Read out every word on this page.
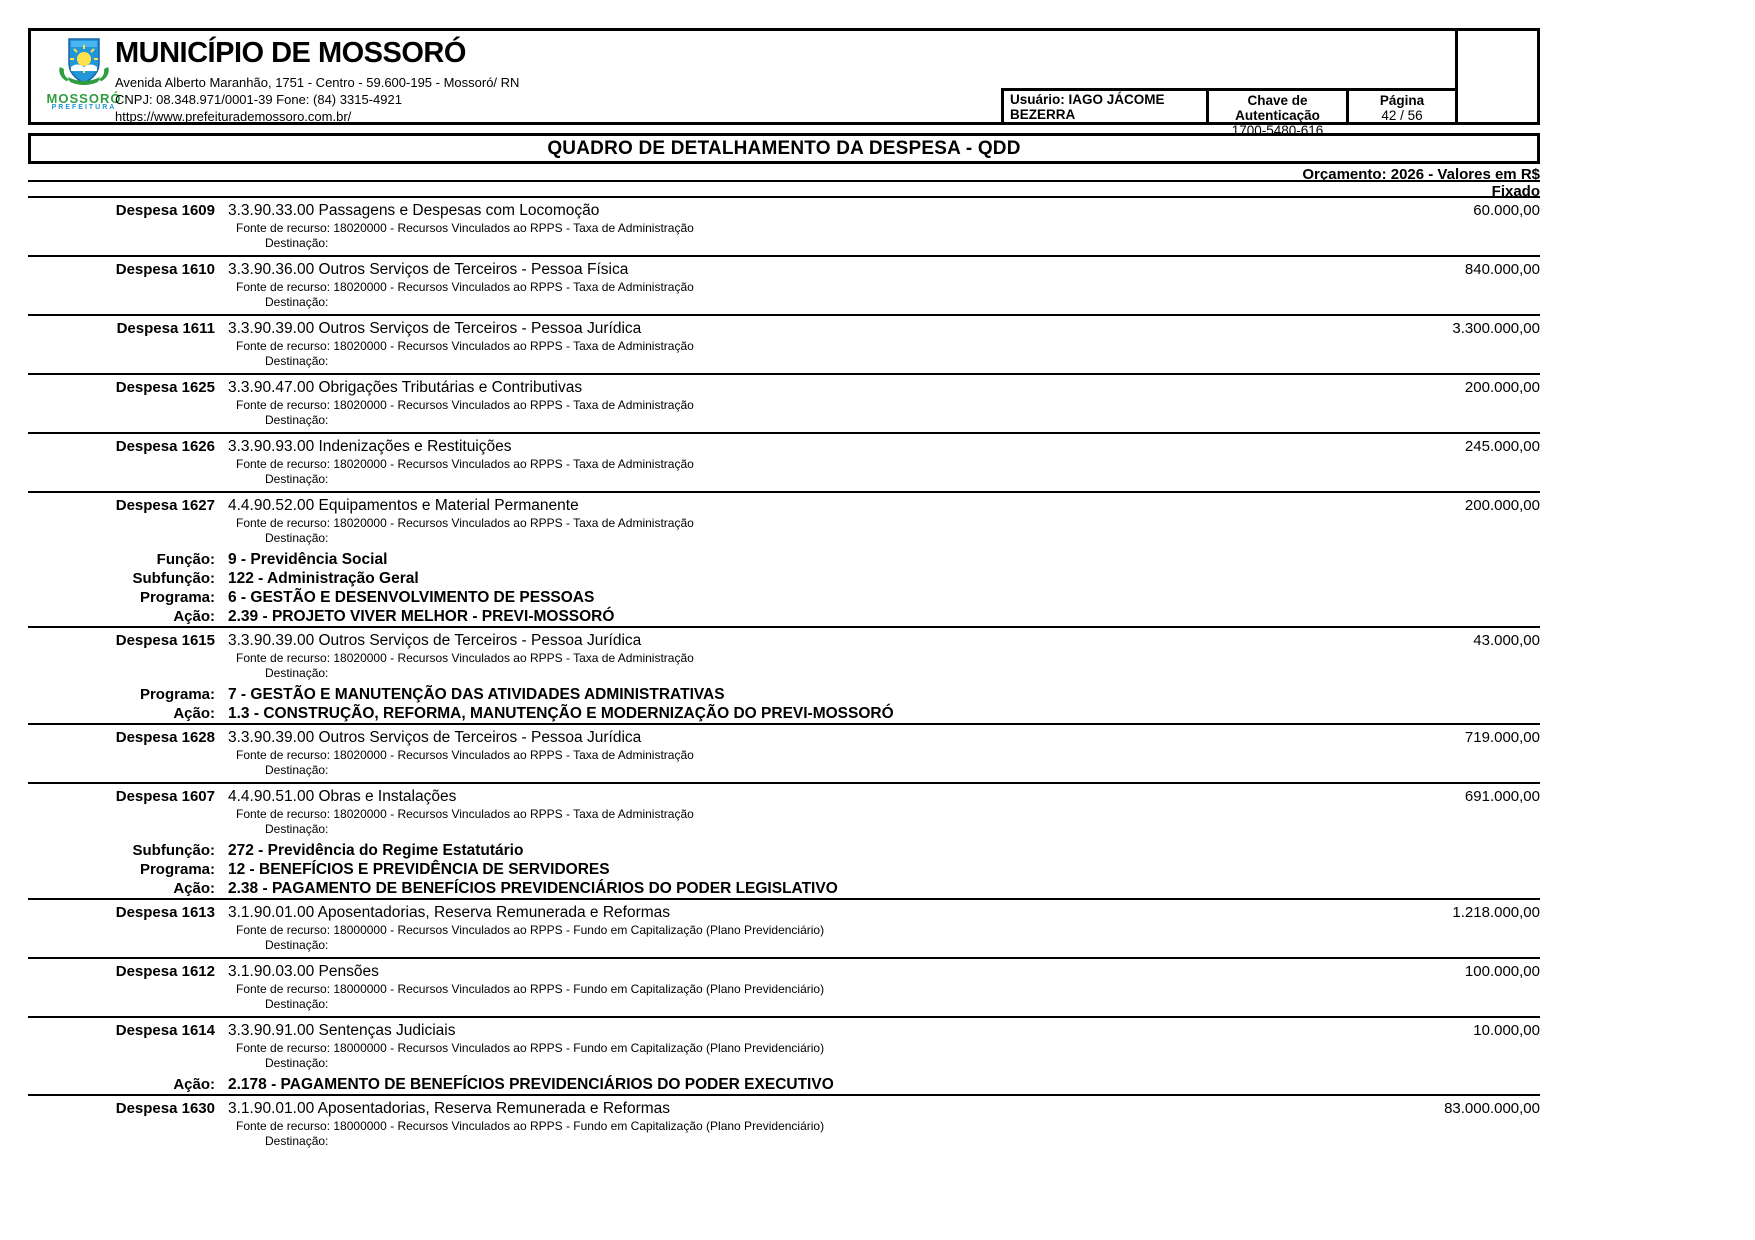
MOSSORÓ
PREFEITURA
MUNICÍPIO DE MOSSORÓ
Avenida Alberto Maranhão, 1751 - Centro - 59.600-195 - Mossoró/ RN
CNPJ: 08.348.971/0001-39 Fone: (84) 3315-4921
https://www.prefeiturademossoro.com.br/
Usuário: IAGO JÁCOME BEZERRA
Chave de Autenticação
1700-5480-616
Página
42 / 56
QUADRO DE DETALHAMENTO DA DESPESA - QDD
Orçamento: 2026 - Valores em R$
Fixado
Despesa 1609 3.3.90.33.00 Passagens e Despesas com Locomoção
Fonte de recurso: 18020000 - Recursos Vinculados ao RPPS - Taxa de Administração
Destinação:
60.000,00
Despesa 1610 3.3.90.36.00 Outros Serviços de Terceiros - Pessoa Física
Fonte de recurso: 18020000 - Recursos Vinculados ao RPPS - Taxa de Administração
Destinação:
840.000,00
Despesa 1611 3.3.90.39.00 Outros Serviços de Terceiros - Pessoa Jurídica
Fonte de recurso: 18020000 - Recursos Vinculados ao RPPS - Taxa de Administração
Destinação:
3.300.000,00
Despesa 1625 3.3.90.47.00 Obrigações Tributárias e Contributivas
Fonte de recurso: 18020000 - Recursos Vinculados ao RPPS - Taxa de Administração
Destinação:
200.000,00
Despesa 1626 3.3.90.93.00 Indenizações e Restituições
Fonte de recurso: 18020000 - Recursos Vinculados ao RPPS - Taxa de Administração
Destinação:
245.000,00
Despesa 1627 4.4.90.52.00 Equipamentos e Material Permanente
Fonte de recurso: 18020000 - Recursos Vinculados ao RPPS - Taxa de Administração
Destinação:
200.000,00
Função: 9 - Previdência Social
Subfunção: 122 - Administração Geral
Programa: 6 - GESTÃO E DESENVOLVIMENTO DE PESSOAS
Ação: 2.39 - PROJETO VIVER MELHOR - PREVI-MOSSORÓ
Despesa 1615 3.3.90.39.00 Outros Serviços de Terceiros - Pessoa Jurídica
Fonte de recurso: 18020000 - Recursos Vinculados ao RPPS - Taxa de Administração
Destinação:
43.000,00
Programa: 7 - GESTÃO E MANUTENÇÃO DAS ATIVIDADES ADMINISTRATIVAS
Ação: 1.3 - CONSTRUÇÃO, REFORMA, MANUTENÇÃO E MODERNIZAÇÃO DO PREVI-MOSSORÓ
Despesa 1628 3.3.90.39.00 Outros Serviços de Terceiros - Pessoa Jurídica
Fonte de recurso: 18020000 - Recursos Vinculados ao RPPS - Taxa de Administração
Destinação:
719.000,00
Despesa 1607 4.4.90.51.00 Obras e Instalações
Fonte de recurso: 18020000 - Recursos Vinculados ao RPPS - Taxa de Administração
Destinação:
691.000,00
Subfunção: 272 - Previdência do Regime Estatutário
Programa: 12 - BENEFÍCIOS E PREVIDÊNCIA DE SERVIDORES
Ação: 2.38 - PAGAMENTO DE BENEFÍCIOS PREVIDENCIÁRIOS DO PODER LEGISLATIVO
Despesa 1613 3.1.90.01.00 Aposentadorias, Reserva Remunerada e Reformas
Fonte de recurso: 18000000 - Recursos Vinculados ao RPPS - Fundo em Capitalização (Plano Previdenciário)
Destinação:
1.218.000,00
Despesa 1612 3.1.90.03.00 Pensões
Fonte de recurso: 18000000 - Recursos Vinculados ao RPPS - Fundo em Capitalização (Plano Previdenciário)
Destinação:
100.000,00
Despesa 1614 3.3.90.91.00 Sentenças Judiciais
Fonte de recurso: 18000000 - Recursos Vinculados ao RPPS - Fundo em Capitalização (Plano Previdenciário)
Destinação:
10.000,00
Ação: 2.178 - PAGAMENTO DE BENEFÍCIOS PREVIDENCIÁRIOS DO PODER EXECUTIVO
Despesa 1630 3.1.90.01.00 Aposentadorias, Reserva Remunerada e Reformas
Fonte de recurso: 18000000 - Recursos Vinculados ao RPPS - Fundo em Capitalização (Plano Previdenciário)
Destinação:
83.000.000,00
